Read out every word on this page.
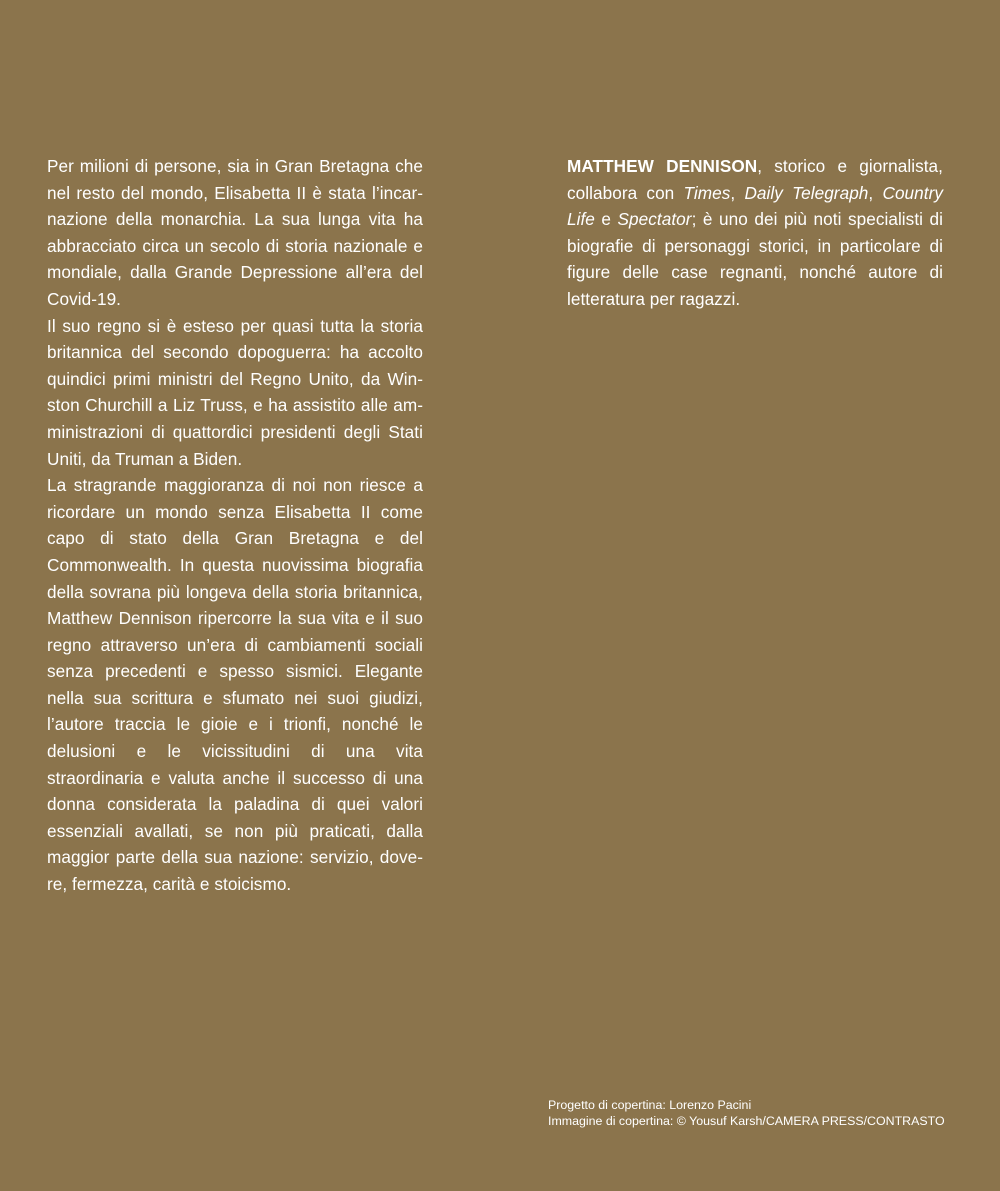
Per milioni di persone, sia in Gran Bretagna che nel resto del mondo, Elisabetta II è stata l’incarnazione della monarchia. La sua lunga vita ha abbracciato circa un secolo di storia nazionale e mondiale, dalla Grande Depressione all’era del Covid-19.

Il suo regno si è esteso per quasi tutta la storia britannica del secondo dopoguerra: ha accolto quindici primi ministri del Regno Unito, da Winston Churchill a Liz Truss, e ha assistito alle amministrazioni di quattordici presidenti degli Stati Uniti, da Truman a Biden.

La stragrande maggioranza di noi non riesce a ricordare un mondo senza Elisabetta II come capo di stato della Gran Bretagna e del Commonwealth. In questa nuovissima biografia della sovrana più longeva della storia britannica, Matthew Dennison ripercorre la sua vita e il suo regno attraverso un’era di cambiamenti sociali senza precedenti e spesso sismici. Elegante nella sua scrittura e sfumato nei suoi giudizi, l’autore traccia le gioie e i trionfi, nonché le delusioni e le vicissitudini di una vita straordinaria e valuta anche il successo di una donna considerata la paladina di quei valori essenziali avallati, se non più praticati, dalla maggior parte della sua nazione: servizio, dovere, fermezza, carità e stoicismo.

MATTHEW DENNISON, storico e giornalista, collabora con Times, Daily Telegraph, Country Life e Spectator; è uno dei più noti specialisti di biografie di personaggi storici, in particolare di figure delle case regnanti, nonché autore di letteratura per ragazzi.

Progetto di copertina: Lorenzo Pacini
Immagine di copertina: © Yousuf Karsh/CAMERA PRESS/CONTRASTO
